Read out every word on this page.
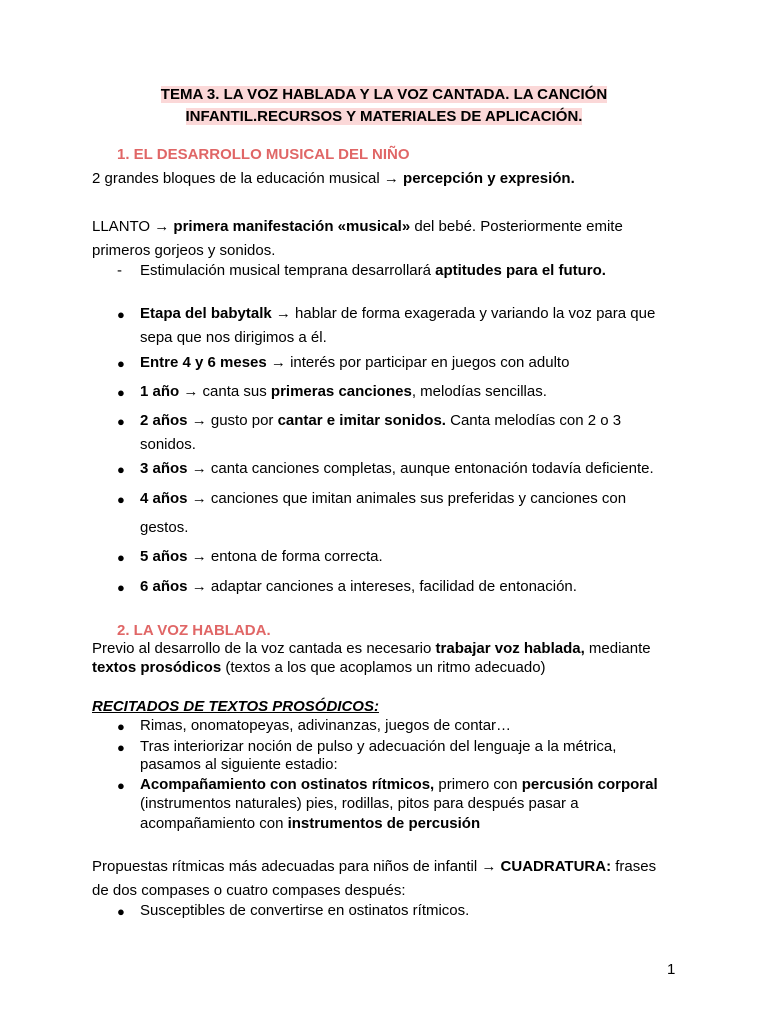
TEMA 3. LA VOZ HABLADA Y LA VOZ CANTADA. LA CANCIÓN
INFANTIL.RECURSOS Y MATERIALES DE APLICACIÓN.
1. EL DESARROLLO MUSICAL DEL NIÑO
2 grandes bloques de la educación musical → percepción y expresión.
LLANTO → primera manifestación «musical» del bebé. Posteriormente emite
primeros gorjeos y sonidos.
- Estimulación musical temprana desarrollará aptitudes para el futuro.
● Etapa del babytalk → hablar de forma exagerada y variando la voz para que
sepa que nos dirigimos a él.
● Entre 4 y 6 meses → interés por participar en juegos con adulto
● 1 año → canta sus primeras canciones, melodías sencillas.
● 2 años → gusto por cantar e imitar sonidos. Canta melodías con 2 o 3
sonidos.
● 3 años → canta canciones completas, aunque entonación todavía deficiente.
● 4 años → canciones que imitan animales sus preferidas y canciones con
gestos.
● 5 años → entona de forma correcta.
● 6 años → adaptar canciones a intereses, facilidad de entonación.
2. LA VOZ HABLADA.
Previo al desarrollo de la voz cantada es necesario trabajar voz hablada, mediante
textos prosódicos (textos a los que acoplamos un ritmo adecuado)
RECITADOS DE TEXTOS PROSÓDICOS:
● Rimas, onomatopeyas, adivinanzas, juegos de contar…
● Tras interiorizar noción de pulso y adecuación del lenguaje a la métrica,
pasamos al siguiente estadio:
● Acompañamiento con ostinatos rítmicos, primero con percusión corporal
(instrumentos naturales) pies, rodillas, pitos para después pasar a
acompañamiento con instrumentos de percusión
Propuestas rítmicas más adecuadas para niños de infantil → CUADRATURA: frases
de dos compases o cuatro compases después:
● Susceptibles de convertirse en ostinatos rítmicos.
1
